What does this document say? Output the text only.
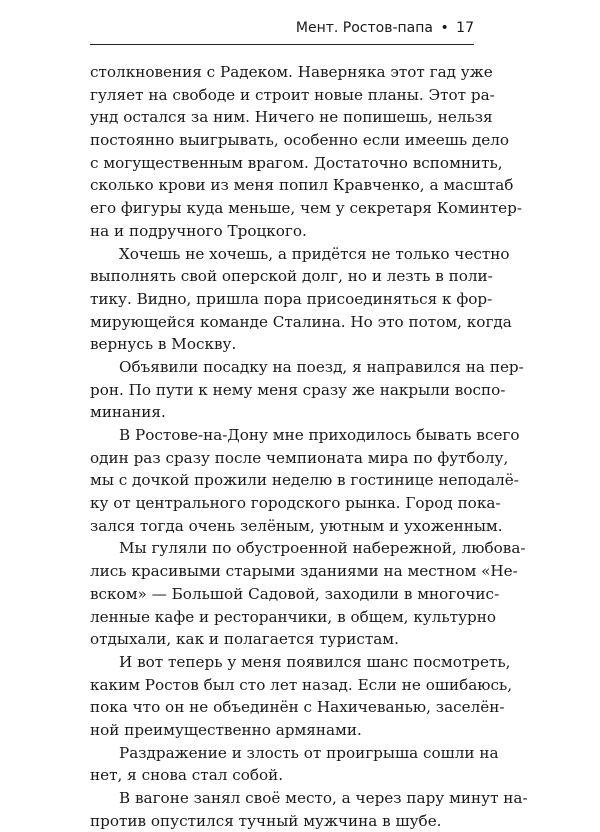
Мент. Ростов-папа • 17
столкновения с Радеком. Наверняка этот гад уже
гуляет на свободе и строит новые планы. Этот ра-
унд остался за ним. Ничего не попишешь, нельзя
постоянно выигрывать, особенно если имеешь дело
с могущественным врагом. Достаточно вспомнить,
сколько крови из меня попил Кравченко, а масштаб
его фигуры куда меньше, чем у секретаря Коминтер-
на и подручного Троцкого.
Хочешь не хочешь, а придётся не только честно
выполнять свой оперской долг, но и лезть в поли-
тику. Видно, пришла пора присоединяться к фор-
мирующейся команде Сталина. Но это потом, когда
вернусь в Москву.
Объявили посадку на поезд, я направился на пер-
рон. По пути к нему меня сразу же накрыли воспо-
минания.
В Ростове-на-Дону мне приходилось бывать всего
один раз сразу после чемпионата мира по футболу,
мы с дочкой прожили неделю в гостинице неподалё-
ку от центрального городского рынка. Город пока-
зался тогда очень зелёным, уютным и ухоженным.
Мы гуляли по обустроенной набережной, любова-
лись красивыми старыми зданиями на местном «Не-
вском» — Большой Садовой, заходили в многочис-
ленные кафе и ресторанчики, в общем, культурно
отдыхали, как и полагается туристам.
И вот теперь у меня появился шанс посмотреть,
каким Ростов был сто лет назад. Если не ошибаюсь,
пока что он не объединён с Нахичеванью, заселён-
ной преимущественно армянами.
Раздражение и злость от проигрыша сошли на
нет, я снова стал собой.
В вагоне занял своё место, а через пару минут на-
против опустился тучный мужчина в шубе.
